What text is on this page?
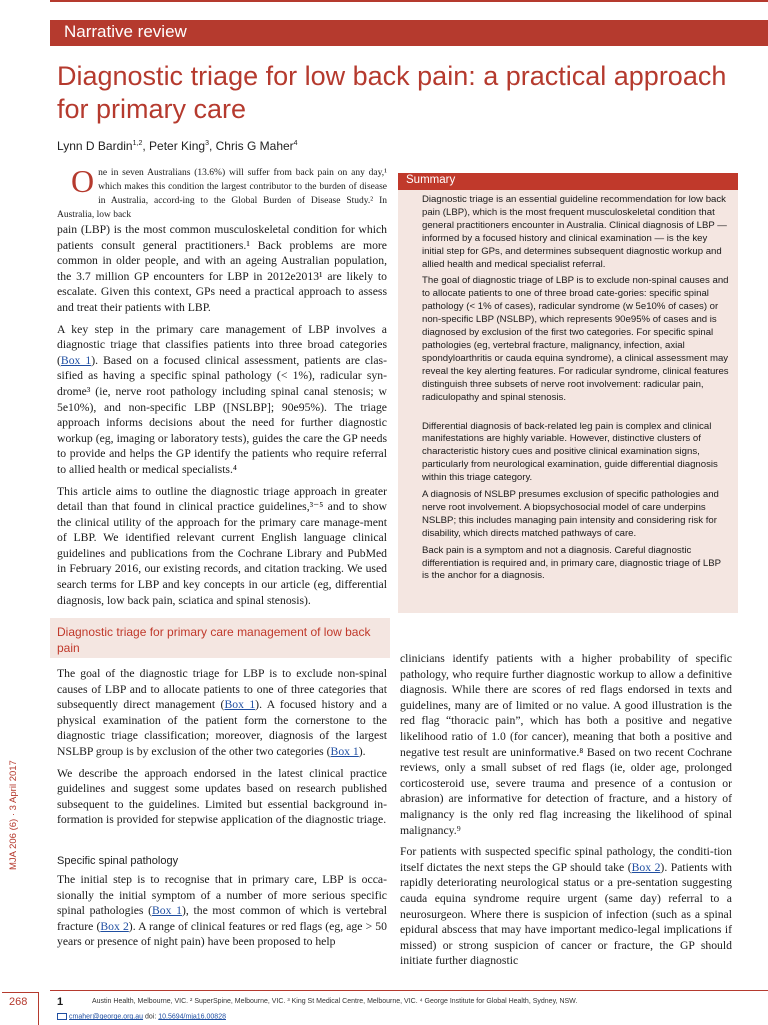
Narrative review
Diagnostic triage for low back pain: a practical approach for primary care
Lynn D Bardin$^{1,2}$, Peter King$^3$, Chris G Maher$^4$
One in seven Australians (13.6%) will suffer from back pain on any day,¹ which makes this condition the largest contributor to the burden of disease in Australia, accord-ing to the Global Burden of Disease Study.² In Australia, low back

pain (LBP) is the most common musculoskeletal condition for which patients consult general practitioners.¹ Back problems are more common in older people, and with an ageing Australian population, the 3.7 million GP encounters for LBP in 2012e2013¹ are likely to escalate. Given this context, GPs need a practical approach to assess and treat their patients with LBP.

A key step in the primary care management of LBP involves a diagnostic triage that classifies patients into three broad categories (Box 1). Based on a focused clinical assessment, patients are clas-sified as having a specific spinal pathology (< 1%), radicular syn-drome³ (ie, nerve root pathology including spinal canal stenosis; w 5e10%), and non-specific LBP ([NSLBP]; 90e95%). The triage approach informs decisions about the need for further diagnostic workup (eg, imaging or laboratory tests), guides the care the GP needs to provide and helps the GP identify the patients who require referral to allied health or medical specialists.⁴

This article aims to outline the diagnostic triage approach in greater detail than that found in clinical practice guidelines,³⁻⁵ and to show the clinical utility of the approach for the primary care manage-ment of LBP. We identified relevant current English language clinical guidelines and publications from the Cochrane Library and PubMed in February 2016, our existing records, and citation tracking. We used search terms for LBP and key concepts in our article (eg, differential diagnosis, low back pain, sciatica and spinal stenosis).

Summary

Diagnostic triage is an essential guideline recommendation for low back pain (LBP), which is the most frequent musculoskeletal condition that general practitioners encounter in Australia. Clinical diagnosis of LBP — informed by a focused history and clinical examination — is the key initial step for GPs, and determines subsequent diagnostic workup and allied health and medical specialist referral.

The goal of diagnostic triage of LBP is to exclude non-spinal causes and to allocate patients to one of three broad cate-gories: specific spinal pathology (< 1% of cases), radicular syndrome (w 5e10% of cases) or non-specific LBP (NSLBP), which represents 90e95% of cases and is diagnosed by exclusion of the first two categories. For specific spinal pathologies (eg, vertebral fracture, malignancy, infection, axial spondyloarthritis or cauda equina syndrome), a clinical assessment may reveal the key alerting features. For radicular syndrome, clinical features distinguish three subsets of nerve root involvement: radicular pain, radiculopathy and spinal stenosis.

Differential diagnosis of back-related leg pain is complex and clinical manifestations are highly variable. However, distinctive clusters of characteristic history cues and positive clinical examination signs, particularly from neurological examination, guide differential diagnosis within this triage category.

A diagnosis of NSLBP presumes exclusion of specific pathologies and nerve root involvement. A biopsychosocial model of care underpins NSLBP; this includes managing pain intensity and considering risk for disability, which directs matched pathways of care.

Back pain is a symptom and not a diagnosis. Careful diagnostic differentiation is required and, in primary care, diagnostic triage of LBP is the anchor for a diagnosis.

Diagnostic triage for primary care management of low back pain

The goal of the diagnostic triage for LBP is to exclude non-spinal causes of LBP and to allocate patients to one of three categories that subsequently direct management (Box 1). A focused history and a physical examination of the patient form the cornerstone to the diagnostic triage classification; moreover, diagnosis of the largest NSLBP group is by exclusion of the other two categories (Box 1).

We describe the approach endorsed in the latest clinical practice guidelines and suggest some updates based on research published subsequent to the guidelines. Limited but essential background in-formation is provided for stepwise application of the diagnostic triage.

Specific spinal pathology

The initial step is to recognise that in primary care, LBP is occa-sionally the initial symptom of a number of more serious specific spinal pathologies (Box 1), the most common of which is vertebral fracture (Box 2). A range of clinical features or red flags (eg, age > 50 years or presence of night pain) have been proposed to help

clinicians identify patients with a higher probability of specific pathology, who require further diagnostic workup to allow a definitive diagnosis. While there are scores of red flags endorsed in texts and guidelines, many are of limited or no value. A good illustration is the red flag “thoracic pain”, which has both a positive and negative likelihood ratio of 1.0 (for cancer), meaning that both a positive and negative test result are uninformative.⁸ Based on two recent Cochrane reviews, only a small subset of red flags (ie, older age, prolonged corticosteroid use, severe trauma and presence of a contusion or abrasion) are informative for detection of fracture, and a history of malignancy is the only red flag increasing the likelihood of spinal malignancy.⁹

For patients with suspected specific spinal pathology, the conditi-tion itself dictates the next steps the GP should take (Box 2). Patients with rapidly deteriorating neurological status or a pre-sentation suggesting cauda equina syndrome require urgent (same day) referral to a neurosurgeon. Where there is suspicion of infection (such as a spinal epidural abscess that may have important medico-legal implications if missed) or strong suspicion of cancer or fracture, the GP should initiate further diagnostic

MJA 206 (6) · 3 April 2017
268	1	Austin Health, Melbourne, VIC. ² SuperSpine, Melbourne, VIC. ³ King St Medical Centre, Melbourne, VIC. ⁴ George Institute for Global Health, Sydney, NSW.
cmaher@george.org.au doi: 10.5694/mja16.00828
